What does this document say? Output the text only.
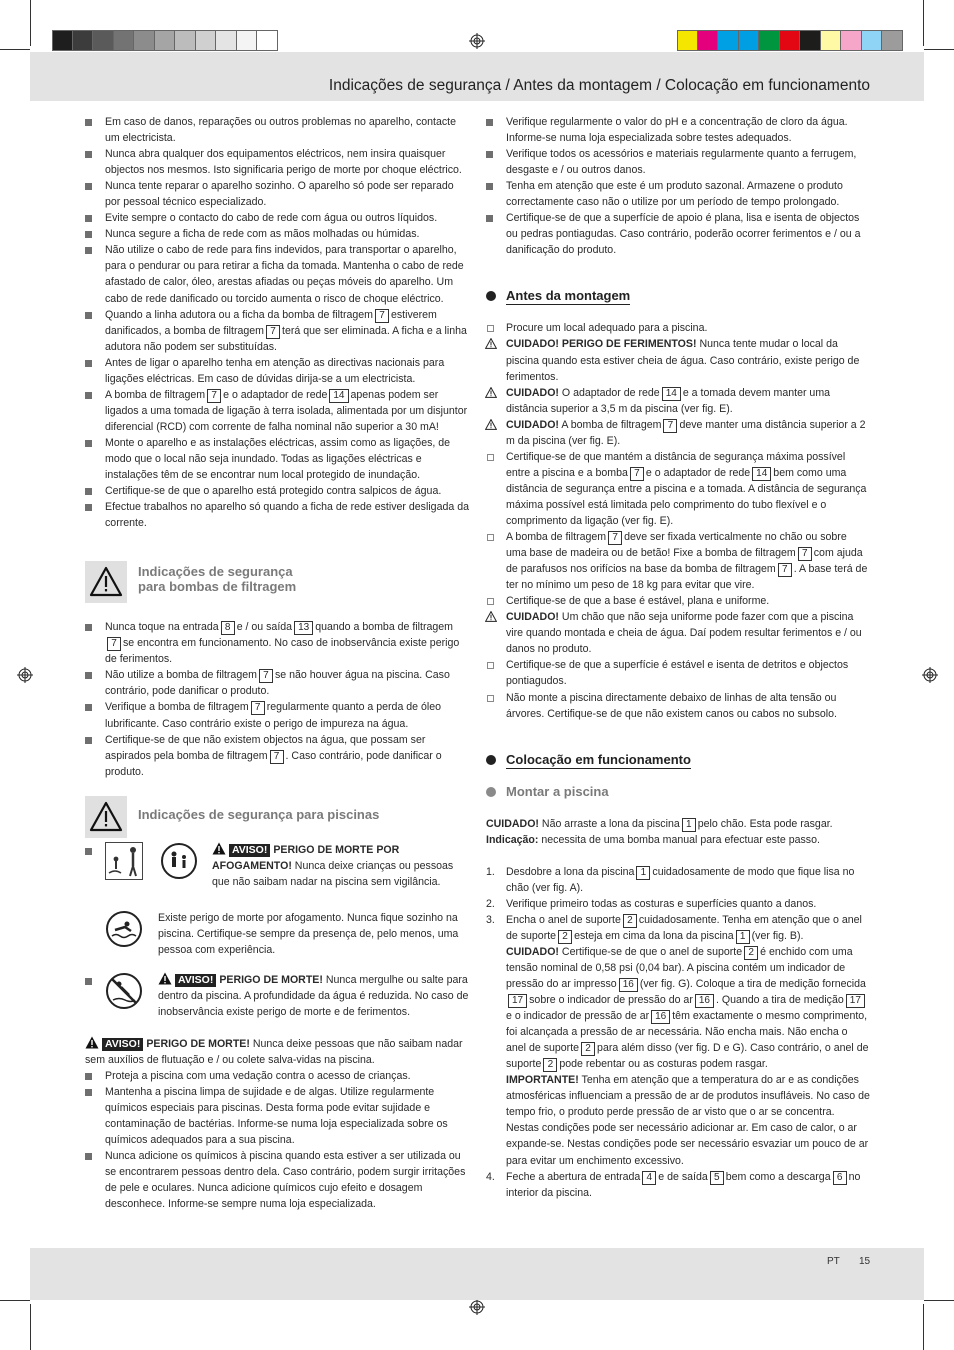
Indicações de segurança / Antes da montagem / Colocação em funcionamento
Em caso de danos, reparações ou outros problemas no aparelho, contacte um electricista.
Nunca abra qualquer dos equipamentos eléctricos, nem insira quaisquer objectos nos mesmos. Isto significaria perigo de morte por choque eléctrico.
Nunca tente reparar o aparelho sozinho. O aparelho só pode ser reparado por pessoal técnico especializado.
Evite sempre o contacto do cabo de rede com água ou outros líquidos.
Nunca segure a ficha de rede com as mãos molhadas ou húmidas.
Não utilize o cabo de rede para fins indevidos, para transportar o aparelho, para o pendurar ou para retirar a ficha da tomada. Mantenha o cabo de rede afastado de calor, óleo, arestas afiadas ou peças móveis do aparelho. Um cabo de rede danificado ou torcido aumenta o risco de choque eléctrico.
Quando a linha adutora ou a ficha da bomba de filtragem 7 estiverem danificados, a bomba de filtragem 7 terá que ser eliminada. A ficha e a linha adutora não podem ser substituídas.
Antes de ligar o aparelho tenha em atenção as directivas nacionais para ligações eléctricas. Em caso de dúvidas dirija-se a um electricista.
A bomba de filtragem 7 e o adaptador de rede 14 apenas podem ser ligados a uma tomada de ligação à terra isolada, alimentada por um disjuntor diferencial (RCD) com corrente de falha nominal não superior a 30 mA!
Monte o aparelho e as instalações eléctricas, assim como as ligações, de modo que o local não seja inundado. Todas as ligações eléctricas e instalações têm de se encontrar num local protegido de inundação.
Certifique-se de que o aparelho está protegido contra salpicos de água.
Efectue trabalhos no aparelho só quando a ficha de rede estiver desligada da corrente.
Indicações de segurança
para bombas de filtragem
Nunca toque na entrada 8 e / ou saída 13 quando a bomba de filtragem7 se encontra em funcionamento. No caso de inobservância existe perigo de ferimentos.
Não utilize a bomba de filtragem 7 se não houver água na piscina. Caso contrário, pode danificar o produto.
Verifique a bomba de filtragem 7 regularmente quanto a perda de óleo lubrificante. Caso contrário existe o perigo de impureza na água.
Certifique-se de que não existem objectos na água, que possam ser aspirados pela bomba de filtragem 7 . Caso contrário, pode danificar o produto.
Indicações de segurança para piscinas
AVISO! PERIGO DE MORTE POR AFOGAMENTO! Nunca deixe crianças ou pessoas que não saibam nadar na piscina sem vigilância.
Existe perigo de morte por afogamento. Nunca fique sozinho na piscina. Certifique-se sempre da presença de, pelo menos, uma pessoa com experiência.
AVISO! PERIGO DE MORTE! Nunca mergulhe ou salte para dentro da piscina. A profundidade da água é reduzida. No caso de inobservância existe perigo de morte e de ferimentos.
AVISO! PERIGO DE MORTE! Nunca deixe pessoas que não saibam nadar sem auxílios de flutuação e / ou colete salva-vidas na piscina.
Proteja a piscina com uma vedação contra o acesso de crianças.
Mantenha a piscina limpa de sujidade e de algas. Utilize regularmente químicos especiais para piscinas. Desta forma pode evitar sujidade e contaminação de bactérias. Informe-se numa loja especializada sobre os químicos adequados para a sua piscina.
Nunca adicione os químicos à piscina quando esta estiver a ser utilizada ou se encontrarem pessoas dentro dela. Caso contrário, podem surgir irritações de pele e oculares. Nunca adicione químicos cujo efeito e dosagem desconhece. Informe-se sempre numa loja especializada.
Verifique regularmente o valor do pH e a concentração de cloro da água. Informe-se numa loja especializada sobre testes adequados.
Verifique todos os acessórios e materiais regularmente quanto a ferrugem, desgaste e / ou outros danos.
Tenha em atenção que este é um produto sazonal. Armazene o produto correctamente caso não o utilize por um período de tempo prolongado.
Certifique-se de que a superfície de apoio é plana, lisa e isenta de objectos ou pedras pontiagudas. Caso contrário, poderão ocorrer ferimentos e / ou a danificação do produto.
Antes da montagem
Procure um local adequado para a piscina.
CUIDADO! PERIGO DE FERIMENTOS! Nunca tente mudar o local da piscina quando esta estiver cheia de água. Caso contrário, existe perigo de ferimentos.
CUIDADO! O adaptador de rede 14 e a tomada devem manter uma distância superior a 3,5 m da piscina (ver fig. E).
CUIDADO! A bomba de filtragem 7 deve manter uma distância superior a 2 m da piscina (ver fig. E).
Certifique-se de que mantém a distância de segurança máxima possível entre a piscina e a bomba 7 e o adaptador de rede 14 bem como uma distância de segurança entre a piscina e a tomada. A distância de segurança máxima possível está limitada pelo comprimento do tubo flexível e o comprimento da ligação (ver fig. E).
A bomba de filtragem 7 deve ser fixada verticalmente no chão ou sobre uma base de madeira ou de betão! Fixe a bomba de filtragem 7 com ajuda de parafusos nos orifícios na base da bomba de filtragem 7 . A base terá de ter no mínimo um peso de 18 kg para evitar que vire.
Certifique-se de que a base é estável, plana e uniforme.
CUIDADO! Um chão que não seja uniforme pode fazer com que a piscina vire quando montada e cheia de água. Daí podem resultar ferimentos e / ou danos no produto.
Certifique-se de que a superfície é estável e isenta de detritos e objectos pontiagudos.
Não monte a piscina directamente debaixo de linhas de alta tensão ou árvores. Certifique-se de que não existem canos ou cabos no subsolo.
Colocação em funcionamento
Montar a piscina
CUIDADO! Não arraste a lona da piscina 1 pelo chão. Esta pode rasgar.
Indicação: necessita de uma bomba manual para efectuar este passo.
1. Desdobre a lona da piscina 1 cuidadosamente de modo que fique lisa no chão (ver fig. A).
2. Verifique primeiro todas as costuras e superfícies quanto a danos.
3. Encha o anel de suporte 2 cuidadosamente. Tenha em atenção que o anel de suporte 2 esteja em cima da lona da piscina 1 (ver fig. B).
CUIDADO! Certifique-se de que o anel de suporte 2 é enchido com uma tensão nominal de 0,58 psi (0,04 bar). A piscina contém um indicador de pressão do ar impresso 16 (ver fig. G). Coloque a tira de medição fornecida17 sobre o indicador de pressão do ar 16 . Quando a tira de medição 17e o indicador de pressão de ar 16 têm exactamente o mesmo comprimento, foi alcançada a pressão de ar necessária. Não encha mais. Não encha o anel de suporte 2 para além disso (ver fig. D e G). Caso contrário, o anel de suporte 2 pode rebentar ou as costuras podem rasgar.
IMPORTANTE! Tenha em atenção que a temperatura do ar e as condições atmosféricas influenciam a pressão de ar de produtos insufláveis. No caso de tempo frio, o produto perde pressão de ar visto que o ar se concentra. Nestas condições pode ser necessário adicionar ar. Em caso de calor, o ar expande-se. Nestas condições pode ser necessário esvaziar um pouco de ar para evitar um enchimento excessivo.
4. Feche a abertura de entrada 4 e de saída 5 bem como a descarga 6 no interior da piscina.
PT 15
